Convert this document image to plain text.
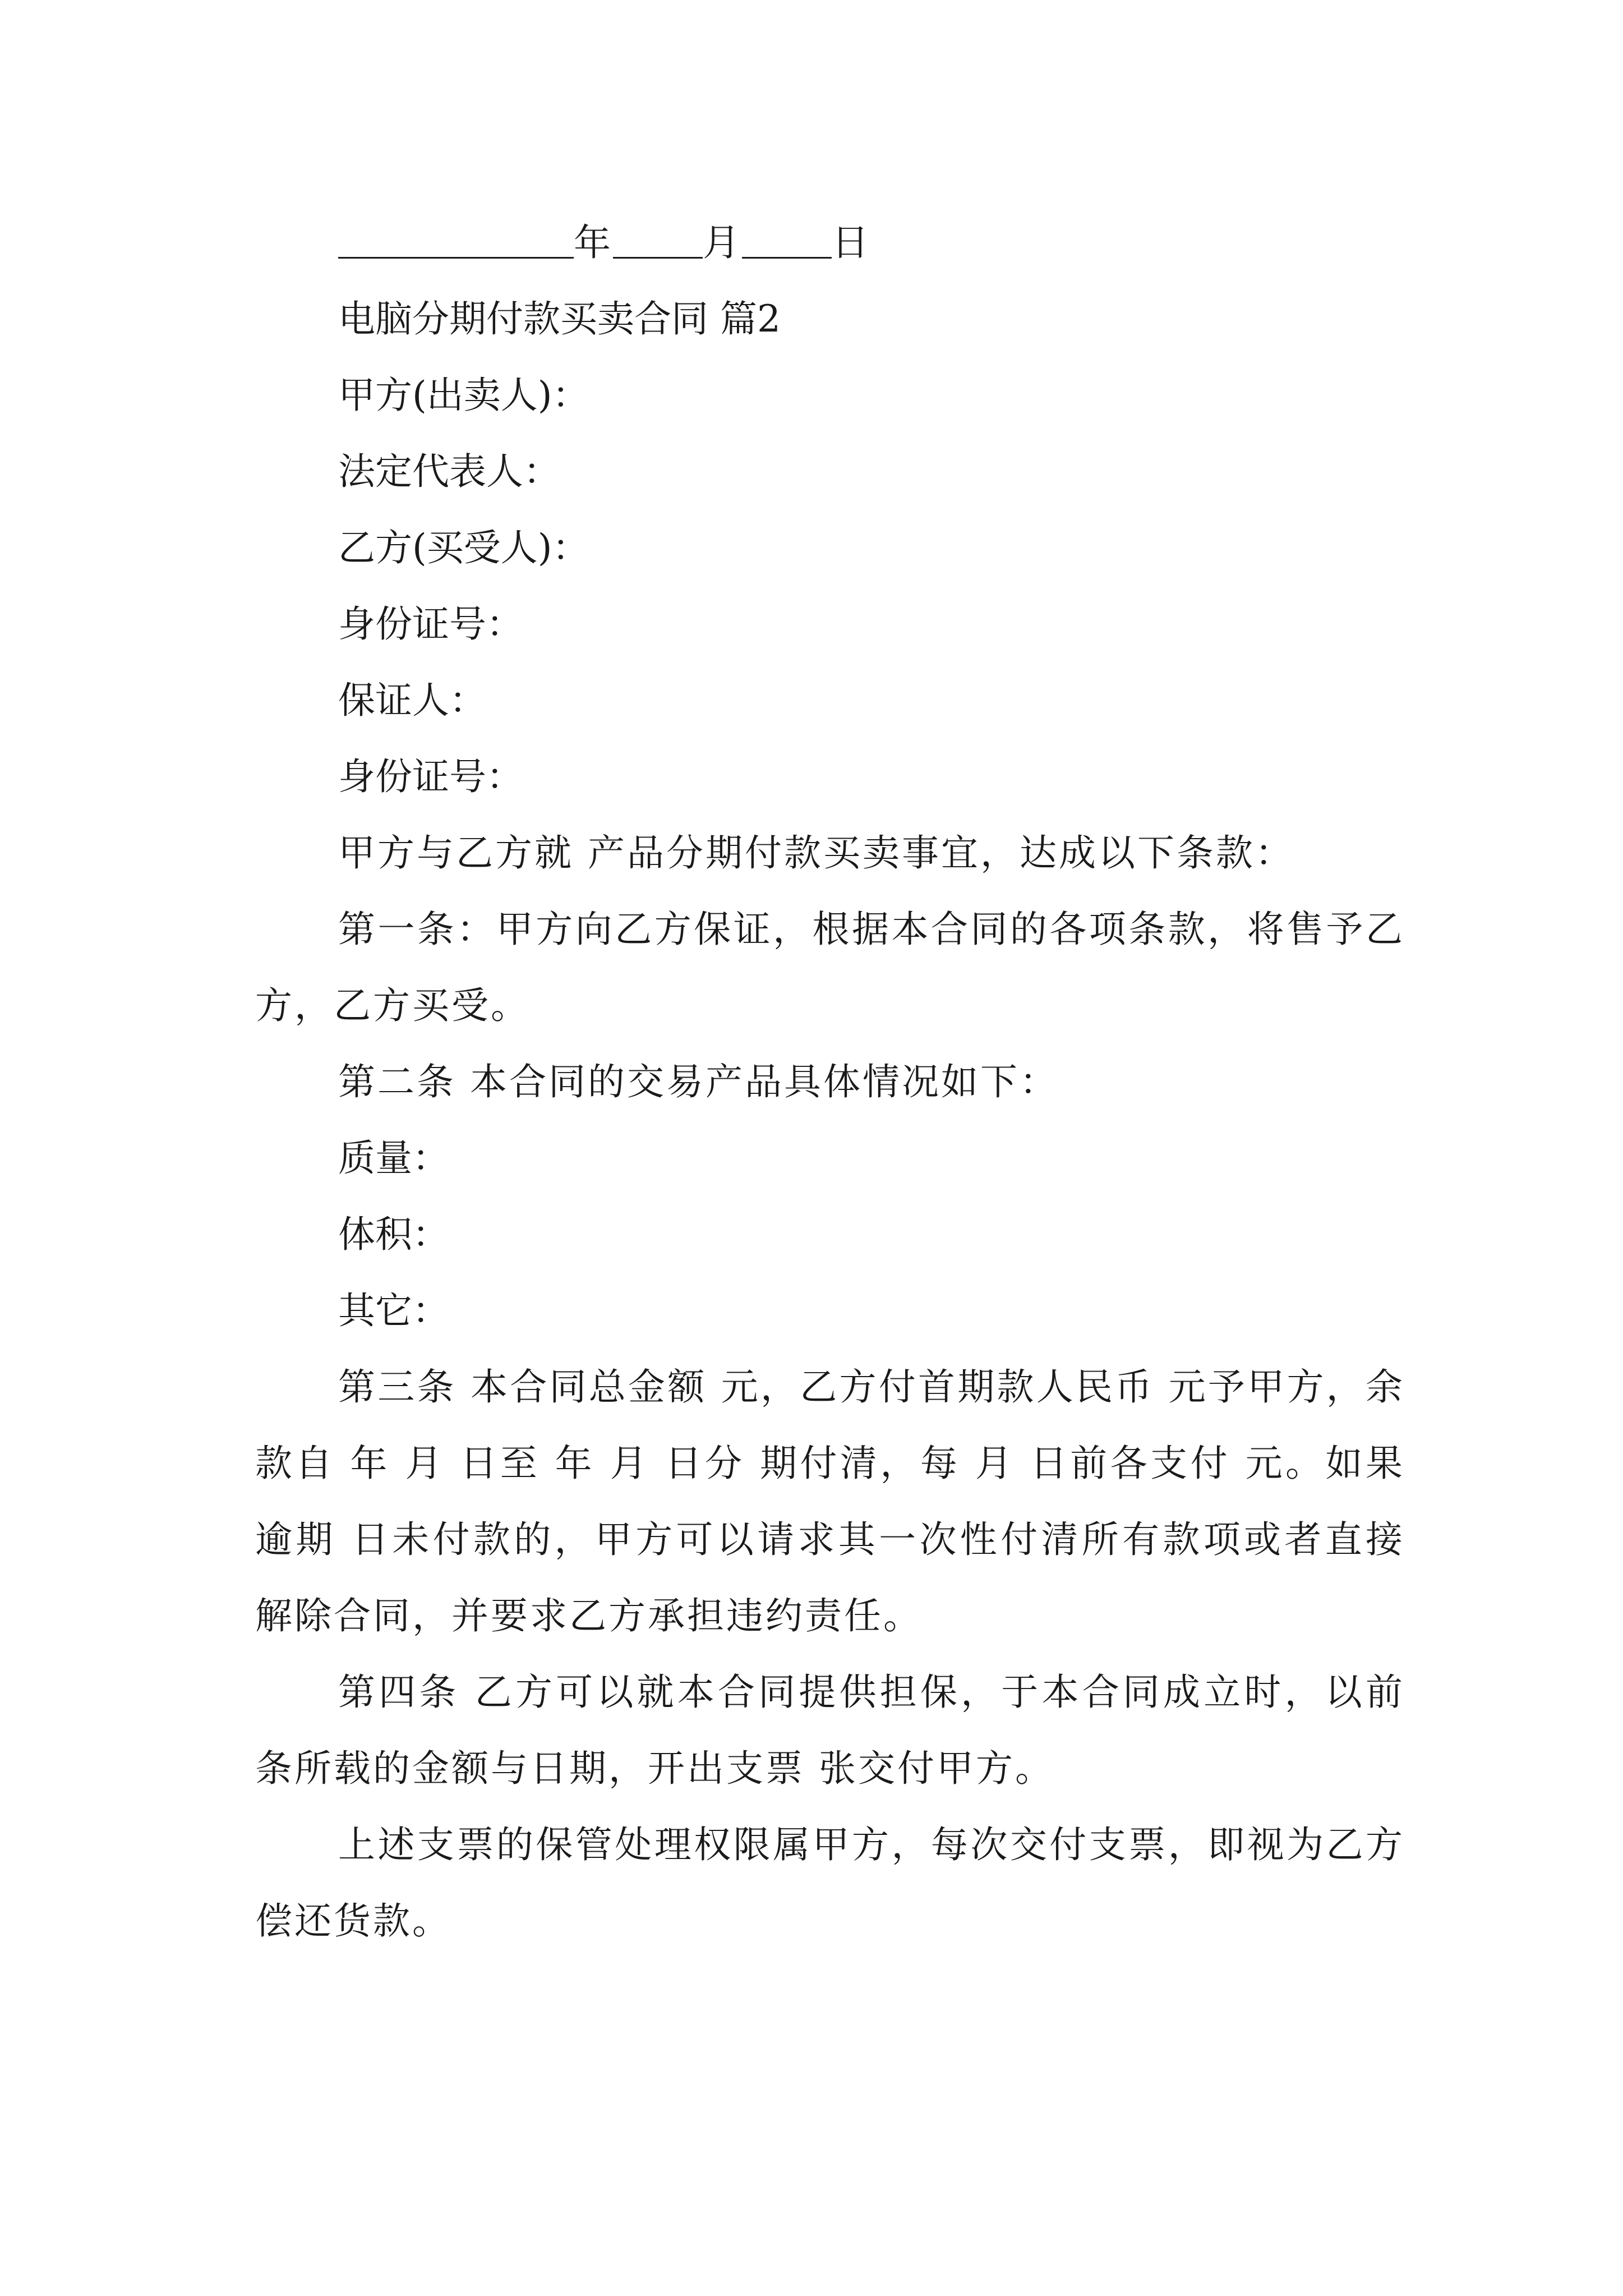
年 月 日
电脑分期付款买卖合同 篇2
甲方(出卖人)：
法定代表人：
乙方(买受人)：
身份证号：
保证人：
身份证号：

甲方与乙方就 产品分期付款买卖事宜，达成以下条款：

第一条：甲方向乙方保证，根据本合同的各项条款，将售予乙方，乙方买受。

第二条 本合同的交易产品具体情况如下：

质量：
体积：
其它：

第三条 本合同总金额 元，乙方付首期款人民币 元予甲方，余款自 年 月 日至 年 月 日分 期付清，每 月 日前各支付 元。如果逾期 日未付款的，甲方可以请求其一次性付清所有款项或者直接解除合同，并要求乙方承担违约责任。

第四条 乙方可以就本合同提供担保，于本合同成立时，以前条所载的金额与日期，开出支票 张交付甲方。

上述支票的保管处理权限属甲方，每次交付支票，即视为乙方偿还货款。
